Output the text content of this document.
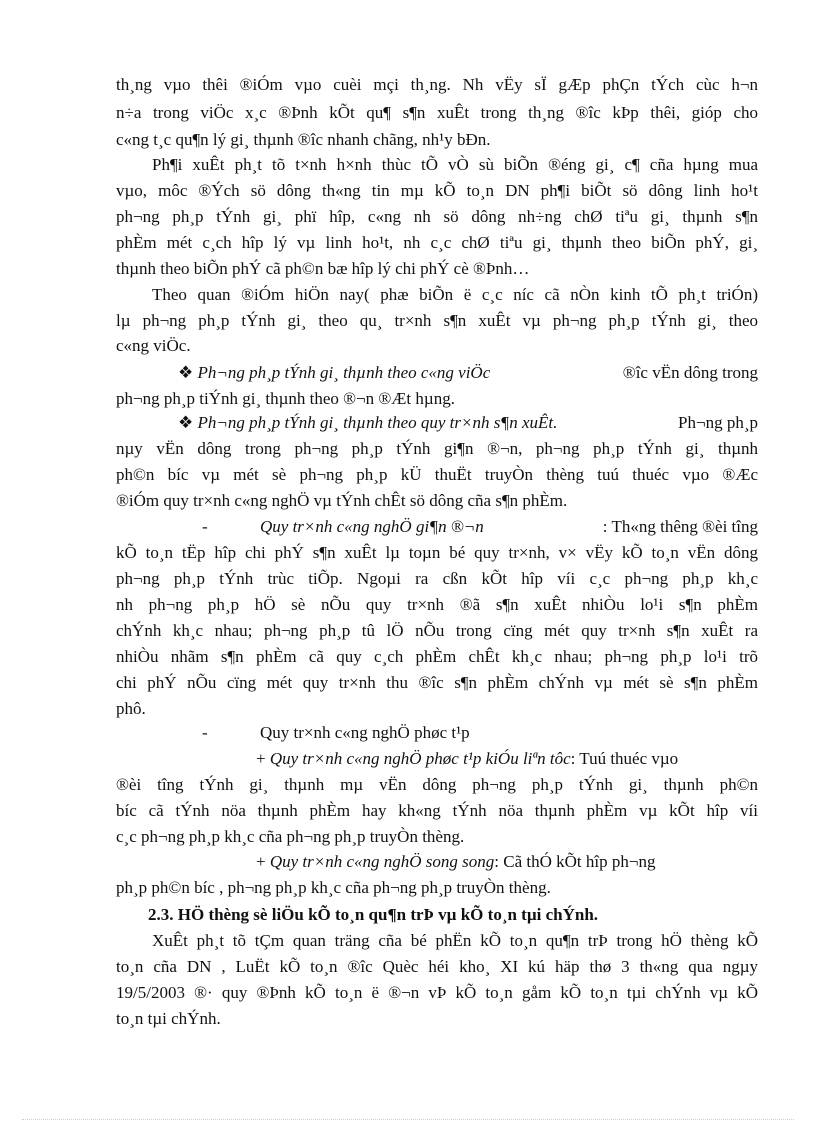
th¸ng vµo thêi ®iÓm vµo cuèi mçi th¸ng. Nh vËy sÏ gÆp phÇn tÝch cùc h¬n
n÷a trong viÖc x¸c ®Þnh kÕt qu¶ s¶n xuÊt trong th¸ng ®îc kÞp thêi, gióp cho
c«ng t¸c qu¶n lý gi¸ thµnh ®îc nhanh chãng, nh¹y bÐn.
Ph¶i xuÊt ph¸t tõ t×nh h×nh thùc tÕ vÒ sù biÕn ®éng gi¸ c¶ cña hµng mua
vµo, môc ®Ých sö dông th«ng tin mµ kÕ to¸n DN ph¶i biÕt sö dông linh ho¹t
ph¬ng ph¸p tÝnh gi¸ phï hîp, c«ng nh sö dông nh÷ng chØ tiªu gi¸ thµnh s¶n
phÈm mét c¸ch hîp lý vµ linh ho¹t, nh c¸c chØ tiªu gi¸ thµnh theo biÕn phÝ, gi¸
thµnh theo biÕn phÝ cã ph©n bæ hîp lý chi phÝ cè ®Þnh…
Theo quan ®iÓm hiÖn nay( phæ biÕn ë c¸c níc cã nÒn kinh tÕ ph¸t triÓn)
lµ ph¬ng ph¸p tÝnh gi¸ theo qu¸ tr×nh s¶n xuÊt vµ ph¬ng ph¸p tÝnh gi¸ theo
c«ng viÖc.
❖ Ph¬ng ph¸p tÝnh gi¸ thµnh theo c«ng viÖc	®îc vËn dông trong
ph¬ng ph¸p tiÝnh gi¸ thµnh theo ®¬n ®Æt hµng.
❖ Ph¬ng ph¸p tÝnh gi¸ thµnh theo quy tr×nh s¶n xuÊt.	Ph¬ng ph¸p
nµy vËn dông trong ph¬ng ph¸p tÝnh gi¶n ®¬n, ph¬ng ph¸p tÝnh gi¸ thµnh
ph©n bíc vµ mét sè ph¬ng ph¸p kÜ thuËt truyÒn thèng tuú thuéc vµo ®Æc
®iÓm quy tr×nh c«ng nghÖ vµ tÝnh chÊt sö dông cña s¶n phÈm.
-	Quy tr×nh c«ng nghÖ gi¶n ®¬n	: Th«ng thêng ®èi tîng
kÕ to¸n tËp hîp chi phÝ s¶n xuÊt lµ toµn bé quy tr×nh, v× vËy kÕ to¸n vËn dông
ph¬ng ph¸p tÝnh trùc tiÕp. Ngoµi ra cßn kÕt hîp víi c¸c ph¬ng ph¸p kh¸c
nh ph¬ng ph¸p hÖ sè nÕu quy tr×nh ®ã s¶n xuÊt nhiÒu lo¹i s¶n phÈm
chÝnh kh¸c nhau; ph¬ng ph¸p tû lÖ nÕu trong cïng mét quy tr×nh s¶n xuÊt ra
nhiÒu nhãm s¶n phÈm cã quy c¸ch phÈm chÊt kh¸c nhau; ph¬ng ph¸p lo¹i trõ
chi phÝ nÕu cïng mét quy tr×nh thu ®îc s¶n phÈm chÝnh vµ mét sè s¶n phÈm
phô.
-	Quy tr×nh c«ng nghÖ phøc t¹p
+ Quy tr×nh c«ng nghÖ phøc t¹p kiÓu liªn tôc : Tuú thuéc vµo
®èi tîng tÝnh gi¸ thµnh mµ vËn dông ph¬ng ph¸p tÝnh gi¸ thµnh ph©n
bíc cã tÝnh nöa thµnh phÈm hay kh«ng tÝnh nöa thµnh phÈm vµ kÕt hîp víi
c¸c ph¬ng ph¸p kh¸c cña ph¬ng ph¸p truyÒn thèng.
+ Quy tr×nh c«ng nghÖ song song : Cã thÓ kÕt hîp ph¬ng
ph¸p ph©n bíc , ph¬ng ph¸p kh¸c cña ph¬ng ph¸p truyÒn thèng.
2.3. HÖ thèng sè liÖu kÕ to¸n qu¶n trÞ vµ kÕ to¸n tµi chÝnh.
XuÊt ph¸t tõ tÇm quan träng cña bé phËn kÕ to¸n qu¶n trÞ trong hÖ thèng kÕ
to¸n cña DN , LuËt kÕ to¸n ®îc Quèc héi kho¸ XI kú häp thø 3 th«ng qua ngµy
19/5/2003 ®· quy ®Þnh kÕ to¸n ë ®¬n vÞ kÕ to¸n gåm kÕ to¸n tµi chÝnh vµ kÕ
to¸n tµi chÝnh.
